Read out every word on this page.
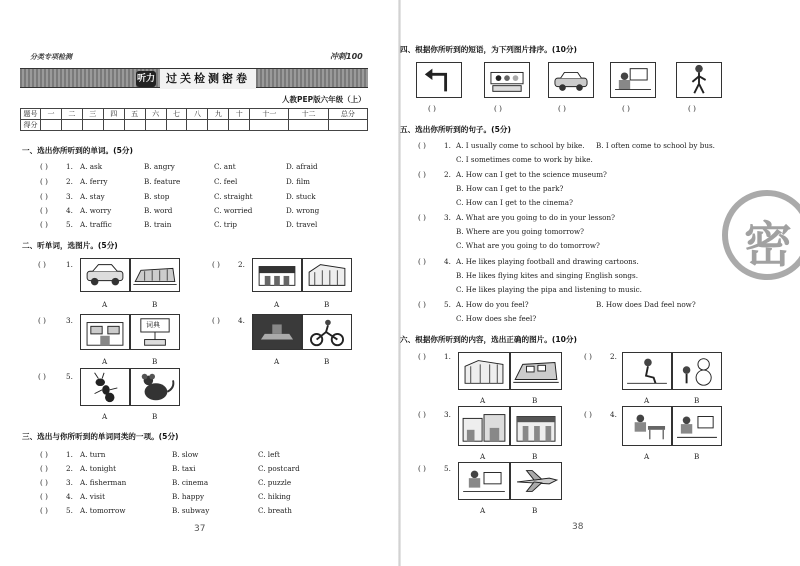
分类专项检测	冲刺100
听力	过关检测密卷
人教PEP版六年级（上）
题号	一	二	三	四	五	六	七	八	九	十	十一	十二	总分
得分													
一、选出你所听到的单词。(5分)
( )	1. A. ask	B. angry	C. ant	D. afraid
( )	2. A. ferry	B. feature	C. feel	D. film
( )	3. A. stay	B. stop	C. straight	D. stuck
( )	4. A. worry	B. word	C. worried	D. wrong
( )	5. A. traffic	B. train	C. trip	D. travel
二、听单词，选图片。(5分)
( )	1.
A	B
( )	2.
A	B
( )	3.	词典
A	B
( )	4.
A	B
( )	5.
A	B
三、选出与你所听到的单词同类的一项。(5分)
( )	1. A. turn	B. slow	C. left
( )	2. A. tonight	B. taxi	C. postcard
( )	3. A. fisherman	B. cinema	C. puzzle
( )	4. A. visit	B. happy	C. hiking
( )	5. A. tomorrow	B. subway	C. breath
37
密
四、根据你所听到的短语，为下列图片排序。(10分)
( )	( )	( )	( )	( )
五、选出你所听到的句子。(5分)
( )	1. A. I usually come to school by bike. B. I often come to school by bus.
C. I sometimes come to work by bike.
( )	2. A. How can I get to the science museum?
B. How can I get to the park?
C. How can I get to the cinema?
( )	3. A. What are you going to do in your lesson?
B. Where are you going tomorrow?
C. What are you going to do tomorrow?
( )	4. A. He likes playing football and drawing cartoons.
B. He likes flying kites and singing English songs.
C. He likes playing the pipa and listening to music.
( )	5. A. How do you feel?	B. How does Dad feel now?
C. How does she feel?
六、根据你所听到的内容，选出正确的图片。(10分)
( )	1.
A	B
( )	2.
A	B
( )	3.
A	B
( )	4.
A	B
( )	5.
A	B
38
